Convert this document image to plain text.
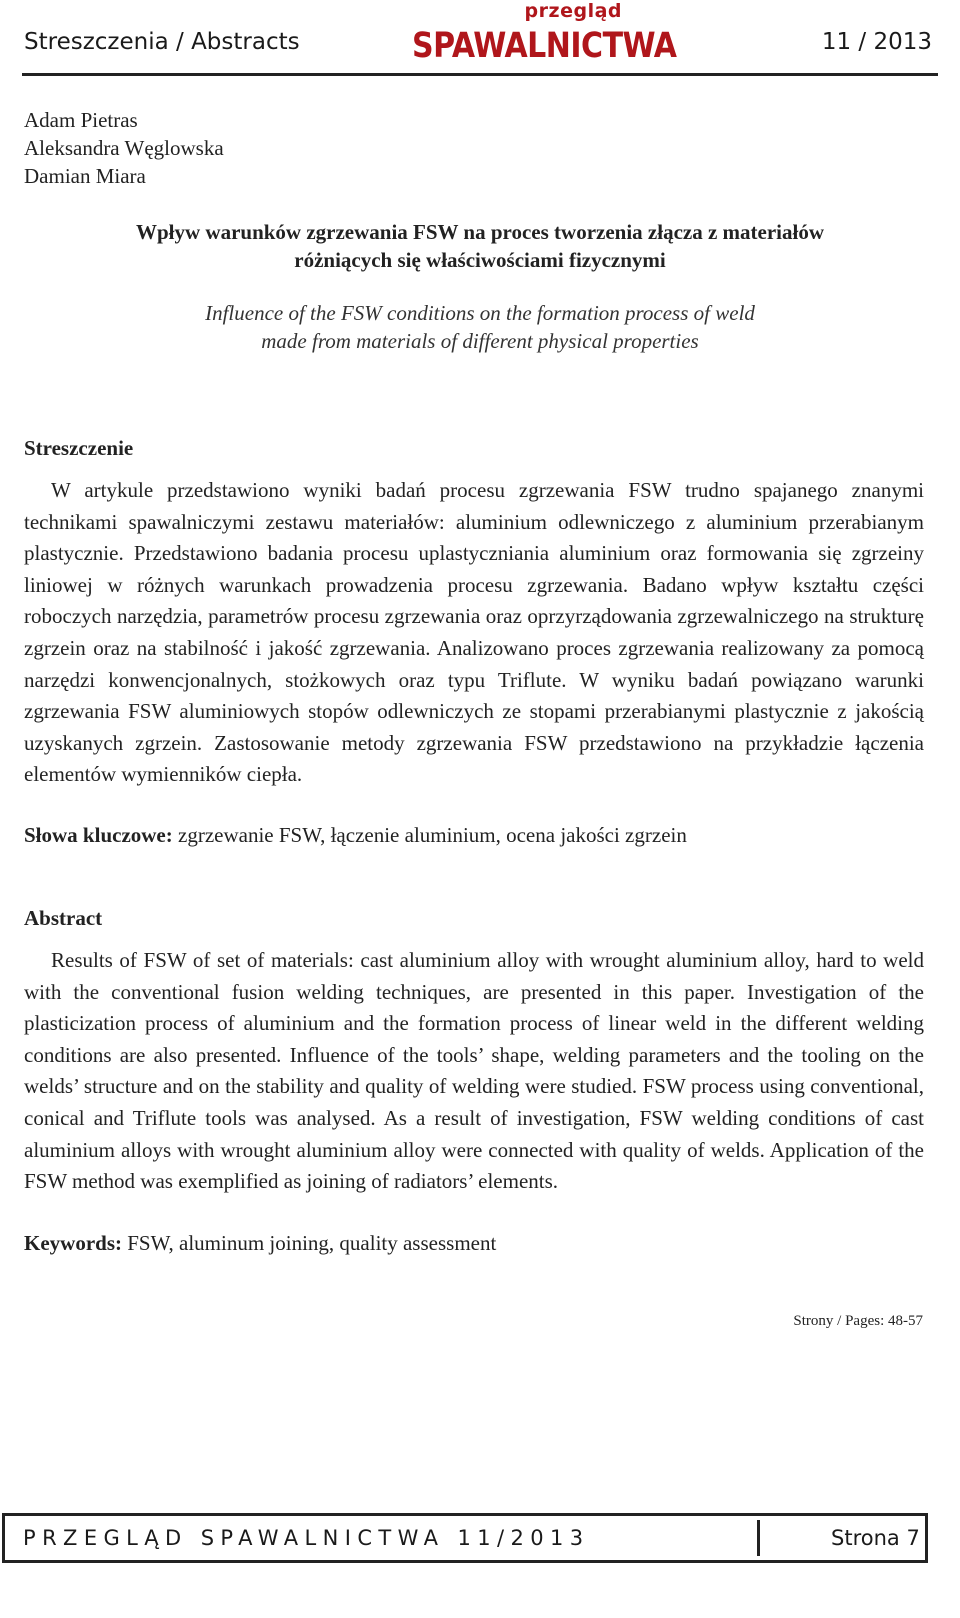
Streszczenia / Abstracts
przegląd
SPAWALNICTWA	11 / 2013
Adam Pietras
Aleksandra Węglowska
Damian Miara
Wpływ warunków zgrzewania FSW na proces tworzenia złącza z materiałów
różniących się właściwościami fizycznymi
Influence of the FSW conditions on the formation process of weld
made from materials of different physical properties
Streszczenie
W artykule przedstawiono wyniki badań procesu zgrzewania FSW trudno spajanego znanymi technikami spawalniczymi zestawu materiałów: aluminium odlewniczego z aluminium przerabianym plastycznie. Przedstawiono badania procesu uplastyczniania aluminium oraz formowania się zgrzeiny liniowej w różnych warunkach prowadzenia procesu zgrzewania. Badano wpływ kształtu części roboczych narzędzia, parametrów procesu zgrzewania oraz oprzyrządowania zgrzewalniczego na strukturę zgrzein oraz na stabilność i jakość zgrzewania. Analizowano proces zgrzewania realizowany za pomocą narzędzi konwencjonalnych, stożkowych oraz typu Triflute. W wyniku badań powiązano warunki zgrzewania FSW aluminiowych stopów odlewniczych ze stopami przerabianymi plastycznie z jakością uzyskanych zgrzein. Zastosowanie metody zgrzewania FSW przedstawiono na przykładzie łączenia elementów wymienników ciepła.
Słowa kluczowe: zgrzewanie FSW, łączenie aluminium, ocena jakości zgrzein
Abstract
Results of FSW of set of materials: cast aluminium alloy with wrought aluminium alloy, hard to weld with the conventional fusion welding techniques, are presented in this paper. Investigation of the plasticization process of aluminium and the formation process of linear weld in the different welding conditions are also presented. Influence of the tools’ shape, welding parameters and the tooling on the welds’ structure and on the stability and quality of welding were studied. FSW process using conventional, conical and Triflute tools was analysed. As a result of investigation, FSW welding conditions of cast aluminium alloys with wrought aluminium alloy were connected with quality of welds. Application of the FSW method was exemplified as joining of radiators’ elements.
Keywords: FSW, aluminum joining, quality assessment
Strony / Pages: 48-57
PRZEGLĄD SPAWALNICTWA 11/2013	Strona 7
